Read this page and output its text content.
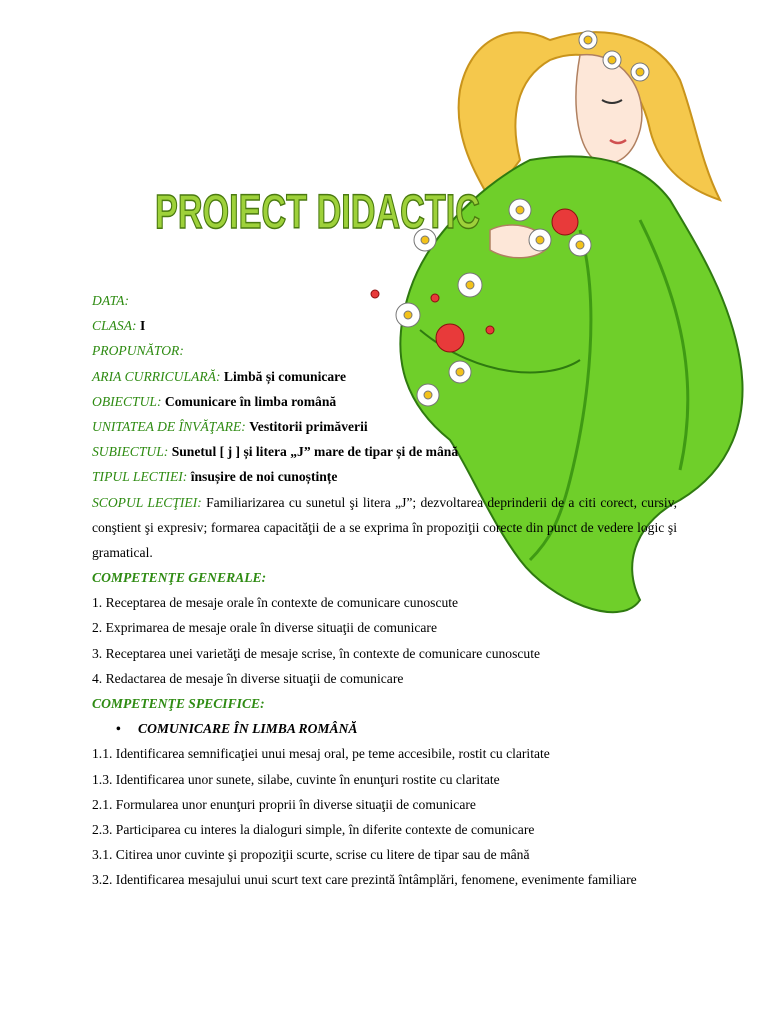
PROIECT DIDACTIC
DATA:
CLASA: I
PROPUNĂTOR:
ARIA CURRICULARĂ: Limbă și comunicare
OBIECTUL: Comunicare în limba română
UNITATEA DE ÎNVĂŢARE: Vestitorii primăverii
SUBIECTUL: Sunetul [ j ] și litera „J” mare de tipar și de mână
TIPUL LECTIEI: însușire de noi cunoștințe
SCOPUL LECŢIEI: Familiarizarea cu sunetul şi litera „J”; dezvoltarea deprinderii de a citi corect, cursiv, conştient şi expresiv; formarea capacităţii de a se exprima în propoziţii corecte din punct de vedere logic şi gramatical.
COMPETENŢE GENERALE:
1. Receptarea de mesaje orale în contexte de comunicare cunoscute
2. Exprimarea de mesaje orale în diverse situaţii de comunicare
3. Receptarea unei varietăţi de mesaje scrise, în contexte de comunicare cunoscute
4. Redactarea de mesaje în diverse situaţii de comunicare
COMPETENŢE SPECIFICE:
• COMUNICARE ÎN LIMBA ROMÂNĂ
1.1. Identificarea semnificaţiei unui mesaj oral, pe teme accesibile, rostit cu claritate
1.3. Identificarea unor sunete, silabe, cuvinte în enunţuri rostite cu claritate
2.1. Formularea unor enunţuri proprii în diverse situaţii de comunicare
2.3. Participarea cu interes la dialoguri simple, în diferite contexte de comunicare
3.1. Citirea unor cuvinte şi propoziţii scurte, scrise cu litere de tipar sau de mână
3.2. Identificarea mesajului unui scurt text care prezintă întâmplări, fenomene, evenimente familiare
